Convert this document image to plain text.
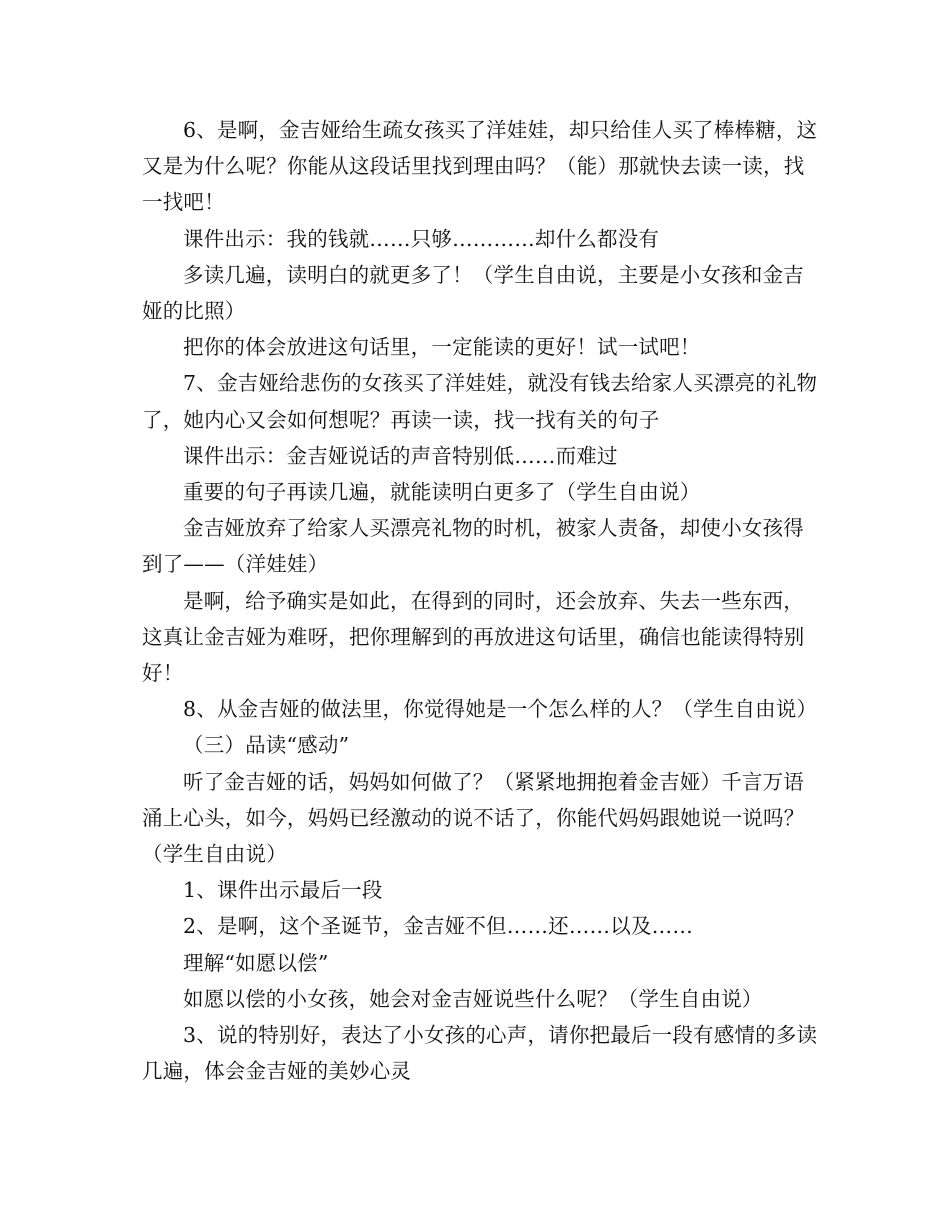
6、是啊，金吉娅给生疏女孩买了洋娃娃，却只给佳人买了棒棒糖，这又是为什么呢？你能从这段话里找到理由吗？（能）那就快去读一读，找一找吧！

课件出示：我的钱就……只够…………却什么都没有

多读几遍，读明白的就更多了！（学生自由说，主要是小女孩和金吉娅的比照）

把你的体会放进这句话里，一定能读的更好！试一试吧！

7、金吉娅给悲伤的女孩买了洋娃娃，就没有钱去给家人买漂亮的礼物了，她内心又会如何想呢？再读一读，找一找有关的句子

课件出示：金吉娅说话的声音特别低……而难过

重要的句子再读几遍，就能读明白更多了（学生自由说）

金吉娅放弃了给家人买漂亮礼物的时机，被家人责备，却使小女孩得到了——（洋娃娃）

是啊，给予确实是如此，在得到的同时，还会放弃、失去一些东西，这真让金吉娅为难呀，把你理解到的再放进这句话里，确信也能读得特别好！

8、从金吉娅的做法里，你觉得她是一个怎么样的人？（学生自由说）

（三）品读“感动”

听了金吉娅的话，妈妈如何做了？（紧紧地拥抱着金吉娅）千言万语涌上心头，如今，妈妈已经激动的说不话了，你能代妈妈跟她说一说吗？（学生自由说）

1、课件出示最后一段

2、是啊，这个圣诞节，金吉娅不但……还……以及……

理解“如愿以偿”

如愿以偿的小女孩，她会对金吉娅说些什么呢？（学生自由说）

3、说的特别好，表达了小女孩的心声，请你把最后一段有感情的多读几遍，体会金吉娅的美妙心灵
